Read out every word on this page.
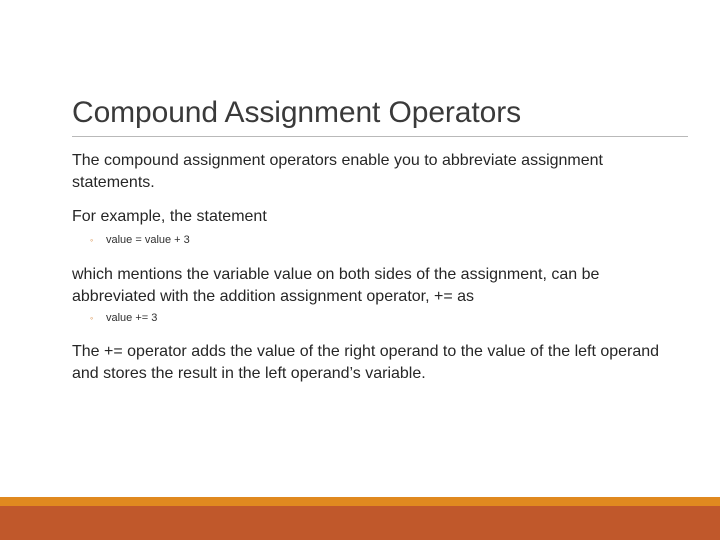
Compound Assignment Operators

The compound assignment operators enable you to abbreviate assignment statements.

For example, the statement

◦ value = value + 3

which mentions the variable value on both sides of the assignment, can be abbreviated with the addition assignment operator, += as

◦ value += 3

The += operator adds the value of the right operand to the value of the left operand and stores the result in the left operand’s variable.
